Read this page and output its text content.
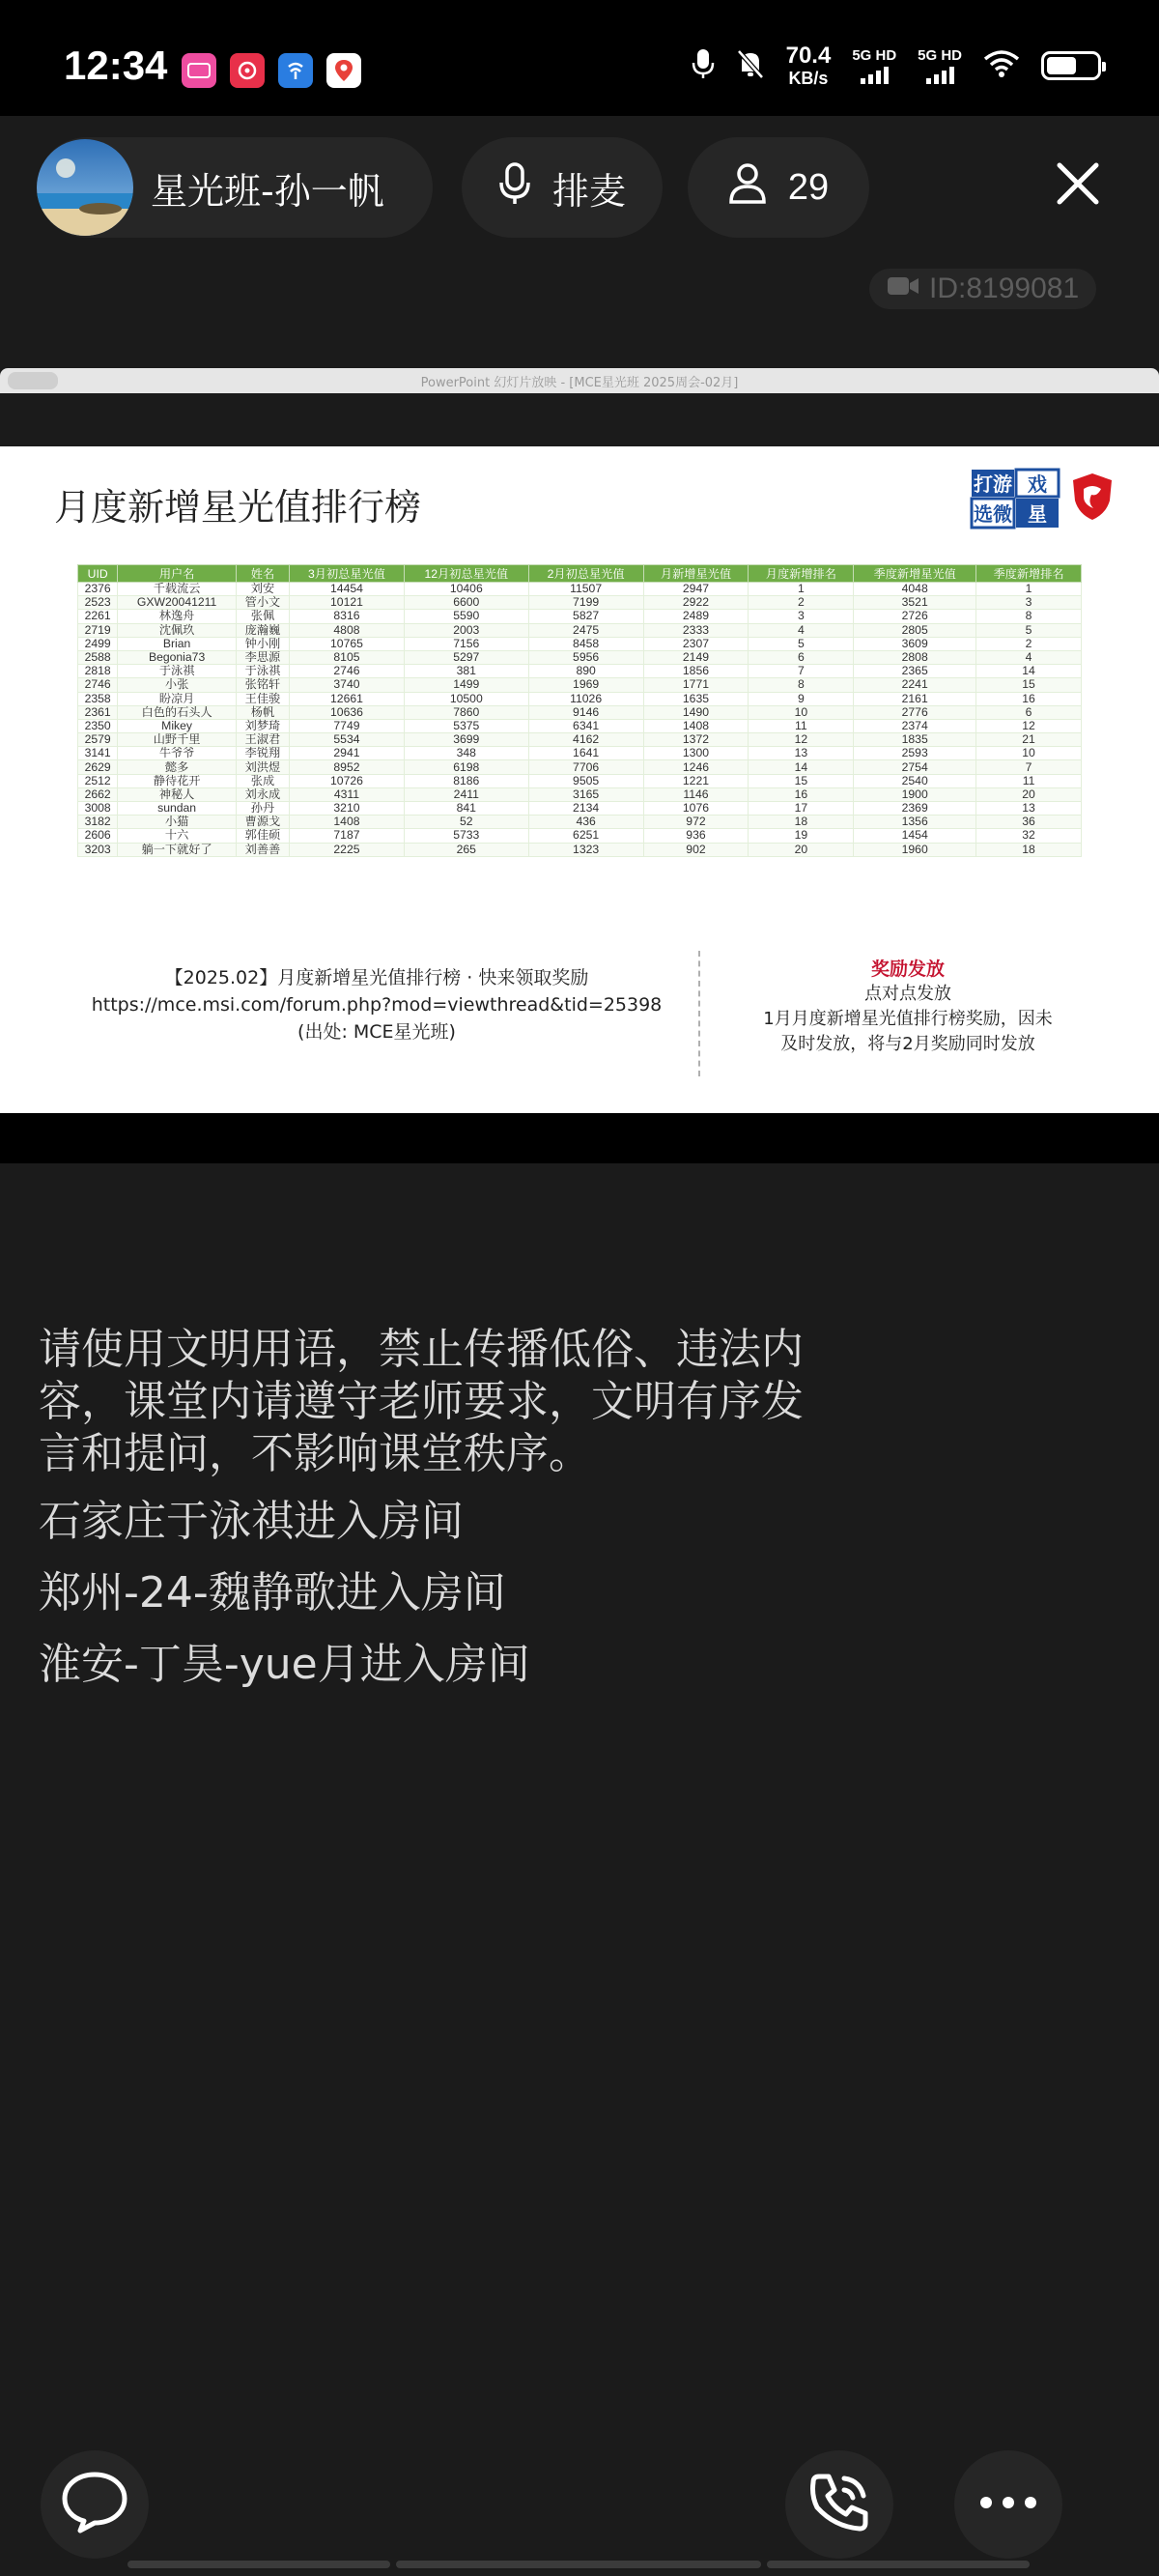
12:34	70.4
KB/s
5G HD 5G HD
星光班-孙一帆	排麦	29
ID:8199081
PowerPoint 幻灯片放映 - [MCE星光班 2025周会-02月]
月度新增星光值排行榜
打游 戏
选微 星
UID	用户名	姓名	3月初总星光值	12月初总星光值	2月初总星光值	月新增星光值	月度新增排名	季度新增星光值	季度新增排名
2376	千载流云	刘安	14454	10406	11507	2947	1	4048	1
2523	GXW20041211	管小文	10121	6600	7199	2922	2	3521	3
2261	林逸舟	张佩	8316	5590	5827	2489	3	2726	8
2719	沈佩玖	庞瀚巍	4808	2003	2475	2333	4	2805	5
2499	Brian	钟小刚	10765	7156	8458	2307	5	3609	2
2588	Begonia73	李思源	8105	5297	5956	2149	6	2808	4
2818	于泳祺	于泳祺	2746	381	890	1856	7	2365	14
2746	小张	张铭轩	3740	1499	1969	1771	8	2241	15
2358	盼凉月	王佳骏	12661	10500	11026	1635	9	2161	16
2361	白色的石头人	杨帆	10636	7860	9146	1490	10	2776	6
2350	Mikey	刘梦琦	7749	5375	6341	1408	11	2374	12
2579	山野千里	王淑君	5534	3699	4162	1372	12	1835	21
3141	牛爷爷	李锐翔	2941	348	1641	1300	13	2593	10
2629	懿多	刘洪煜	8952	6198	7706	1246	14	2754	7
2512	静待花开	张成	10726	8186	9505	1221	15	2540	11
2662	神秘人	刘永成	4311	2411	3165	1146	16	1900	20
3008	sundan	孙丹	3210	841	2134	1076	17	2369	13
3182	小猫	曹源戈	1408	52	436	972	18	1356	36
2606	十六	郭佳硕	7187	5733	6251	936	19	1454	32
3203	躺一下就好了	刘善善	2225	265	1323	902	20	1960	18
【2025.02】月度新增星光值排行榜 · 快来领取奖励
https://mce.msi.com/forum.php?mod=viewthread&tid=25398
(出处: MCE星光班)
奖励发放
点对点发放
1月月度新增星光值排行榜奖励，因未
及时发放，将与2月奖励同时发放
请使用文明用语，禁止传播低俗、违法内容，课堂内请遵守老师要求，文明有序发言和提问，不影响课堂秩序。
石家庄于泳祺进入房间
郑州-24-魏静歌进入房间
淮安-丁昊-yue月进入房间
